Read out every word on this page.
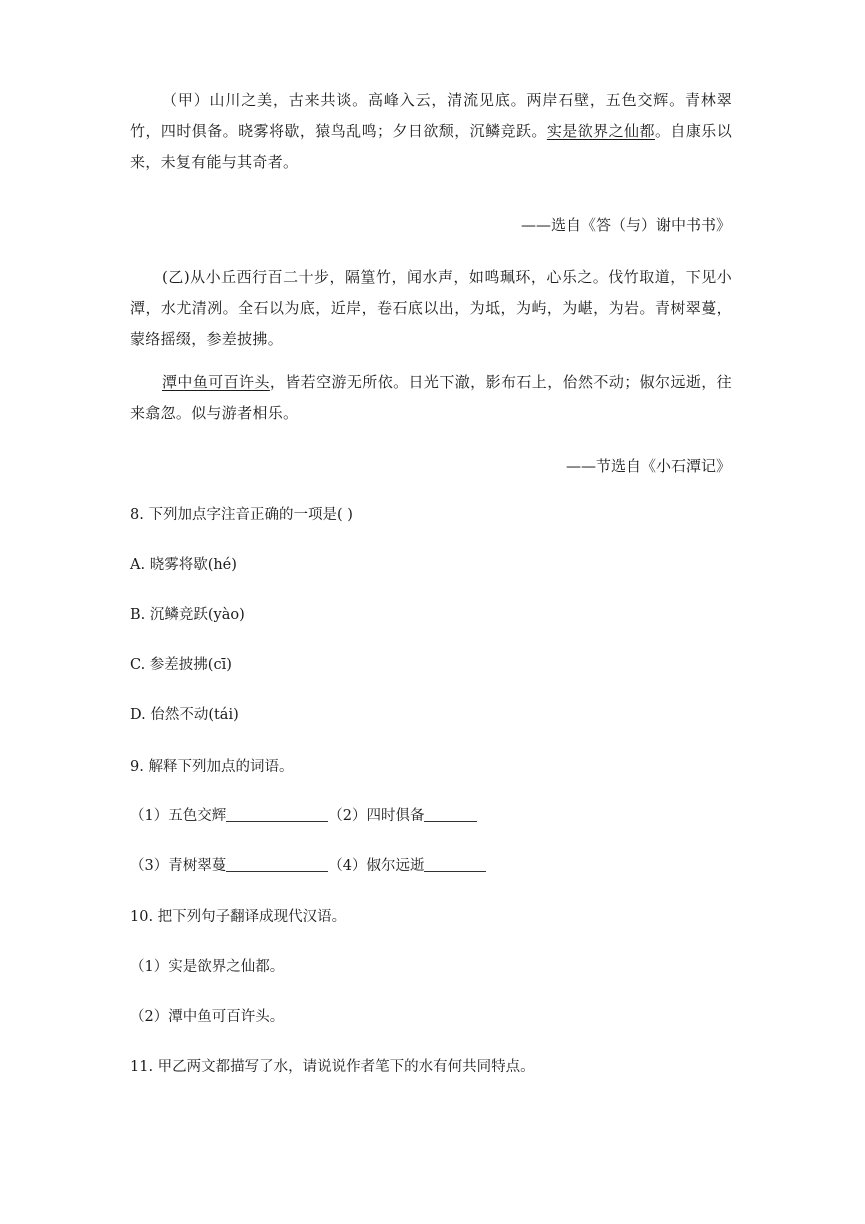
（甲）山川之美，古来共谈。高峰入云，清流见底。两岸石壁，五色交辉。青林翠竹，四时俱备。晓雾将歇，猿鸟乱鸣；夕日欲颓，沉鳞竞跃。实是欲界之仙都。自康乐以来，未复有能与其奇者。

——选自《答（与）谢中书书》

(乙)从小丘西行百二十步，隔篁竹，闻水声，如鸣珮环，心乐之。伐竹取道，下见小潭，水尤清冽。全石以为底，近岸，卷石底以出，为坻，为屿，为嵁，为岩。青树翠蔓，蒙络摇缀，参差披拂。

潭中鱼可百许头，皆若空游无所依。日光下澈，影布石上，佁然不动；俶尔远逝，往来翕忽。似与游者相乐。

——节选自《小石潭记》
8. 下列加点字注音正确的一项是( )
A. 晓雾将歇(hé)
B. 沉鳞竞跃(yào)
C. 参差披拂(cī)
D. 佁然不动(tái)
9. 解释下列加点的词语。
（1）五色交辉	（2）四时俱备
（3）青树翠蔓	（4）俶尔远逝
10. 把下列句子翻译成现代汉语。
（1）实是欲界之仙都。
（2）潭中鱼可百许头。
11. 甲乙两文都描写了水，请说说作者笔下的水有何共同特点。
